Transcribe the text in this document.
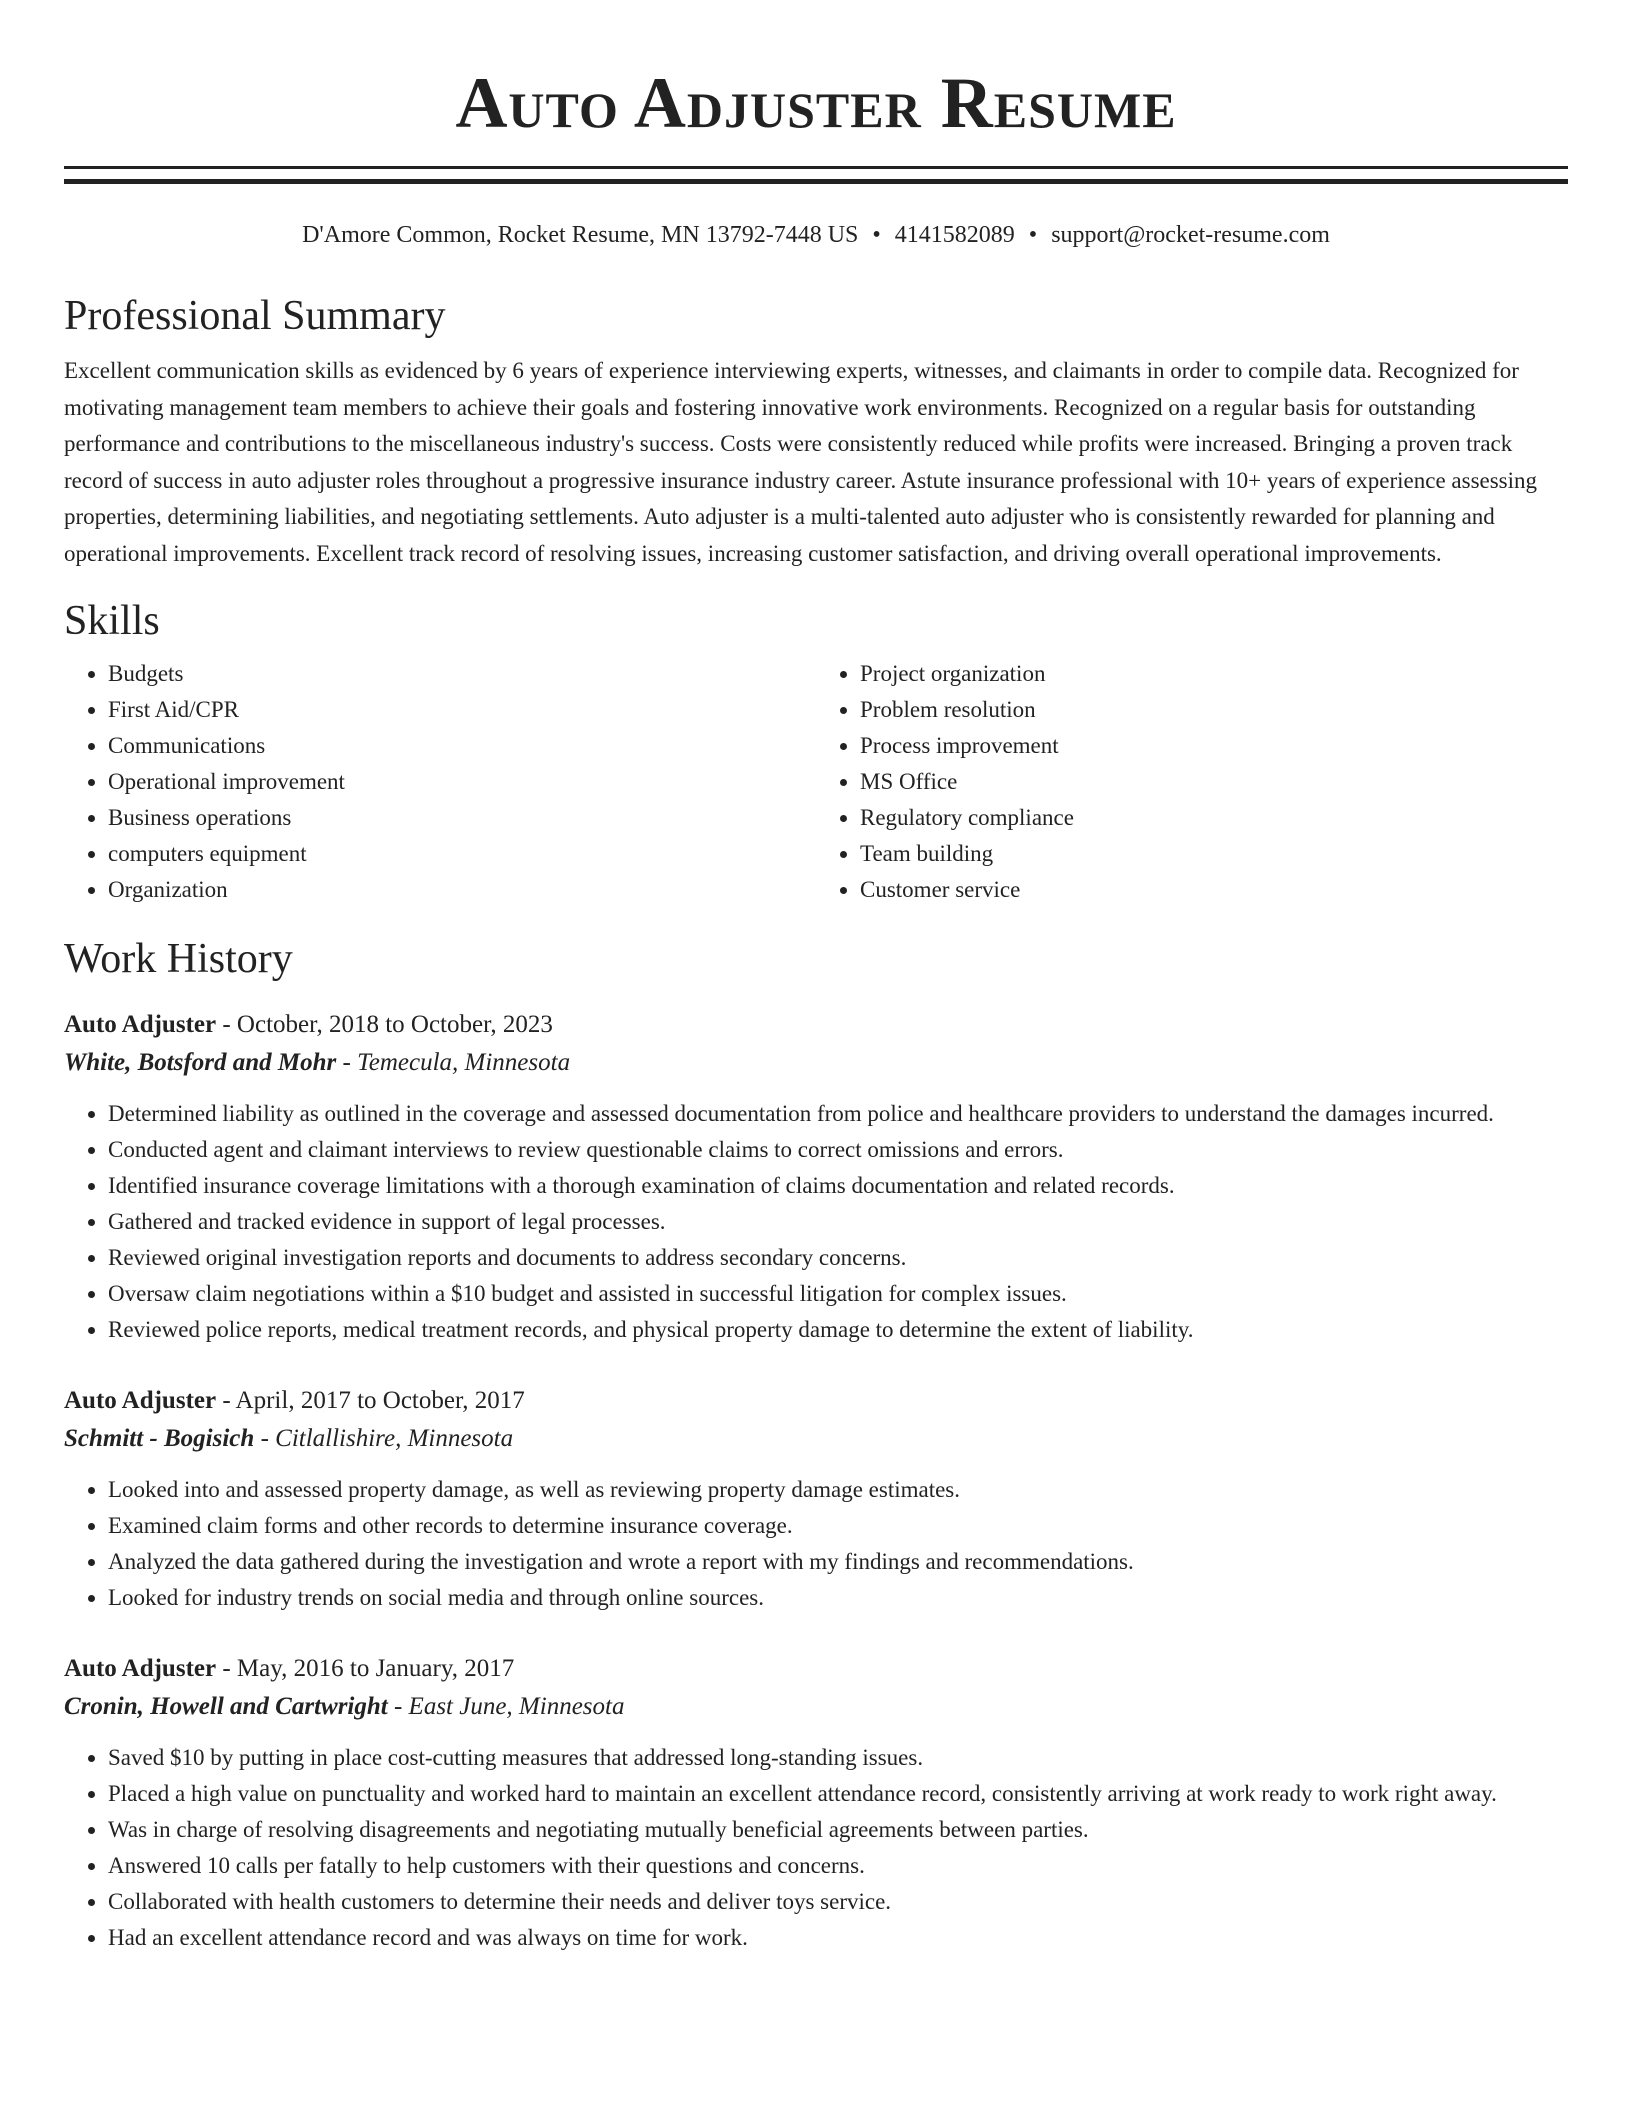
Auto Adjuster Resume
D'Amore Common, Rocket Resume, MN 13792-7448 US • 4141582089 • support@rocket-resume.com
Professional Summary

Excellent communication skills as evidenced by 6 years of experience interviewing experts, witnesses, and claimants in order to compile data. Recognized for motivating management team members to achieve their goals and fostering innovative work environments. Recognized on a regular basis for outstanding performance and contributions to the miscellaneous industry's success. Costs were consistently reduced while profits were increased. Bringing a proven track record of success in auto adjuster roles throughout a progressive insurance industry career. Astute insurance professional with 10+ years of experience assessing properties, determining liabilities, and negotiating settlements. Auto adjuster is a multi-talented auto adjuster who is consistently rewarded for planning and operational improvements. Excellent track record of resolving issues, increasing customer satisfaction, and driving overall operational improvements.

Skills
• Budgets
• First Aid/CPR
• Communications
• Operational improvement
• Business operations
• computers equipment
• Organization
• Project organization
• Problem resolution
• Process improvement
• MS Office
• Regulatory compliance
• Team building
• Customer service
Work History
Auto Adjuster - October, 2018 to October, 2023
White, Botsford and Mohr - Temecula, Minnesota
• Determined liability as outlined in the coverage and assessed documentation from police and healthcare providers to understand the damages incurred.
• Conducted agent and claimant interviews to review questionable claims to correct omissions and errors.
• Identified insurance coverage limitations with a thorough examination of claims documentation and related records.
• Gathered and tracked evidence in support of legal processes.
• Reviewed original investigation reports and documents to address secondary concerns.
• Oversaw claim negotiations within a $10 budget and assisted in successful litigation for complex issues.
• Reviewed police reports, medical treatment records, and physical property damage to determine the extent of liability.
Auto Adjuster - April, 2017 to October, 2017
Schmitt - Bogisich - Citlallishire, Minnesota
• Looked into and assessed property damage, as well as reviewing property damage estimates.
• Examined claim forms and other records to determine insurance coverage.
• Analyzed the data gathered during the investigation and wrote a report with my findings and recommendations.
• Looked for industry trends on social media and through online sources.
Auto Adjuster - May, 2016 to January, 2017
Cronin, Howell and Cartwright - East June, Minnesota
• Saved $10 by putting in place cost-cutting measures that addressed long-standing issues.
• Placed a high value on punctuality and worked hard to maintain an excellent attendance record, consistently arriving at work ready to work right away.
• Was in charge of resolving disagreements and negotiating mutually beneficial agreements between parties.
• Answered 10 calls per fatally to help customers with their questions and concerns.
• Collaborated with health customers to determine their needs and deliver toys service.
• Had an excellent attendance record and was always on time for work.
